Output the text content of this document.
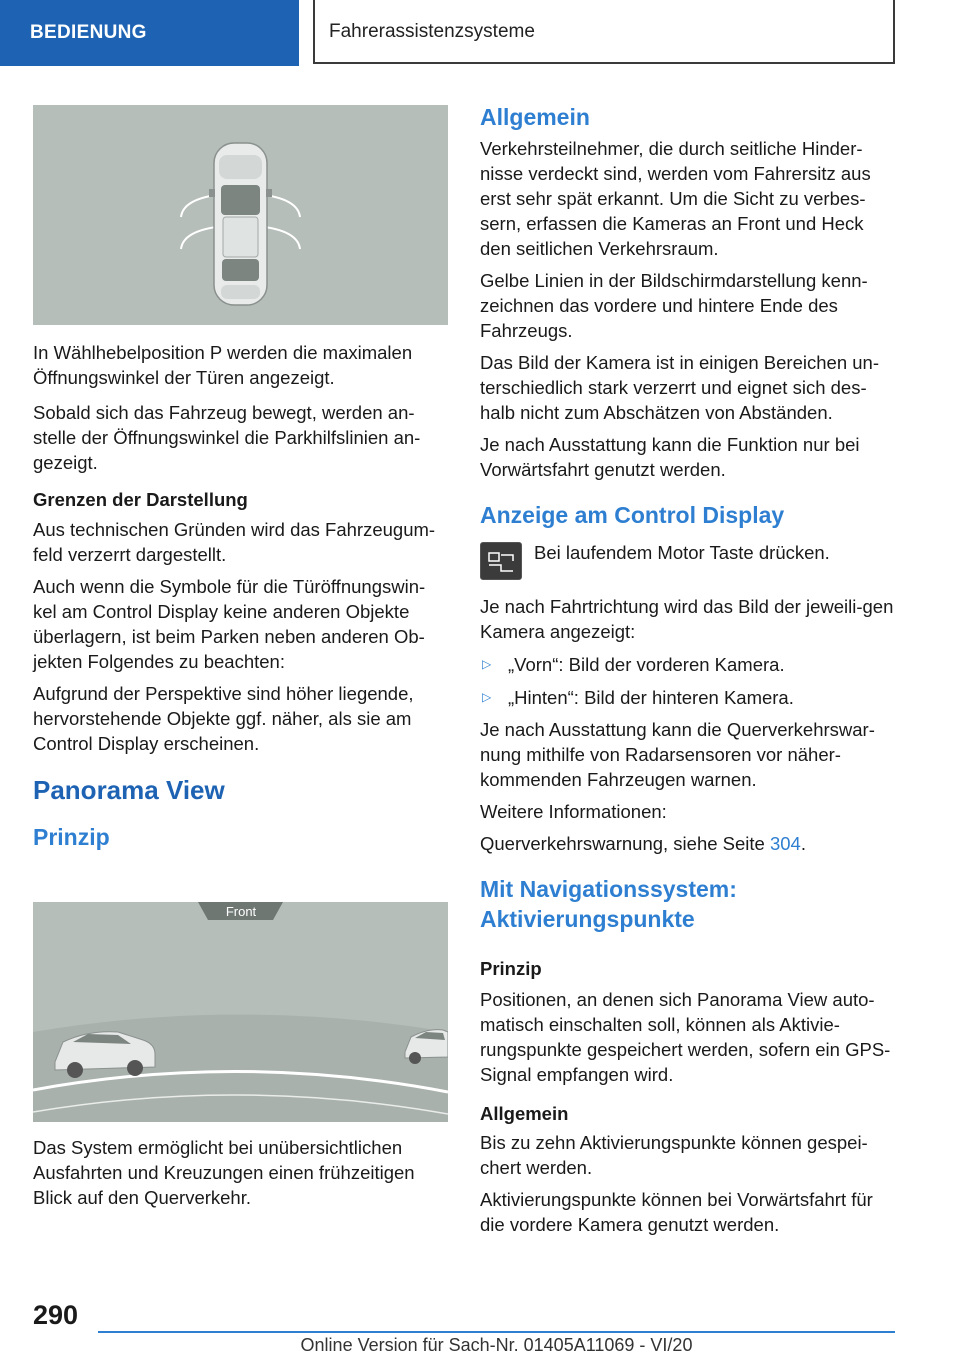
BEDIENUNG	Fahrerassistenzsysteme

In Wählhebelposition P werden die maximalen Öffnungswinkel der Türen angezeigt.

Sobald sich das Fahrzeug bewegt, werden an-stelle der Öffnungswinkel die Parkhilfslinien an-gezeigt.

Grenzen der Darstellung

Aus technischen Gründen wird das Fahrzeugum-feld verzerrt dargestellt.

Auch wenn die Symbole für die Türöffnungswin-kel am Control Display keine anderen Objekte überlagern, ist beim Parken neben anderen Ob-jekten Folgendes zu beachten:

Aufgrund der Perspektive sind höher liegende, hervorstehende Objekte ggf. näher, als sie am Control Display erscheinen.

Panorama View

Prinzip

Front

Das System ermöglicht bei unübersichtlichen Ausfahrten und Kreuzungen einen frühzeitigen Blick auf den Querverkehr.

Allgemein

Verkehrsteilnehmer, die durch seitliche Hinder-nisse verdeckt sind, werden vom Fahrersitz aus erst sehr spät erkannt. Um die Sicht zu verbes-sern, erfassen die Kameras an Front und Heck den seitlichen Verkehrsraum.

Gelbe Linien in der Bildschirmdarstellung kenn-zeichnen das vordere und hintere Ende des Fahrzeugs.

Das Bild der Kamera ist in einigen Bereichen un-terschiedlich stark verzerrt und eignet sich des-halb nicht zum Abschätzen von Abständen.

Je nach Ausstattung kann die Funktion nur bei Vorwärtsfahrt genutzt werden.

Anzeige am Control Display

Bei laufendem Motor Taste drücken.

Je nach Fahrtrichtung wird das Bild der jeweili-gen Kamera angezeigt:

▷ „Vorn“: Bild der vorderen Kamera.
▷ „Hinten“: Bild der hinteren Kamera.

Je nach Ausstattung kann die Querverkehrswar-nung mithilfe von Radarsensoren vor näher-kommenden Fahrzeugen warnen.

Weitere Informationen:

Querverkehrswarnung, siehe Seite 304.

Mit Navigationssystem:
Aktivierungspunkte

Prinzip

Positionen, an denen sich Panorama View auto-matisch einschalten soll, können als Aktivie-rungspunkte gespeichert werden, sofern ein GPS-Signal empfangen wird.

Allgemein

Bis zu zehn Aktivierungspunkte können gespei-chert werden.

Aktivierungspunkte können bei Vorwärtsfahrt für die vordere Kamera genutzt werden.

290
Online Version für Sach-Nr. 01405A11069 - VI/20
